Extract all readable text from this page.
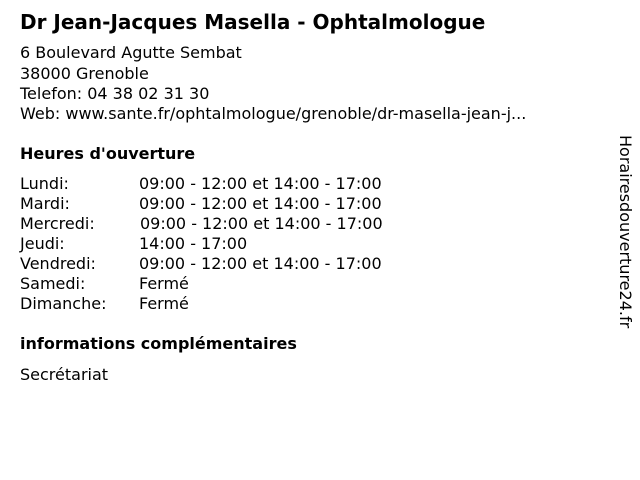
Dr Jean-Jacques Masella - Ophtalmologue
6 Boulevard Agutte Sembat
38000 Grenoble
Telefon: 04 38 02 31 30
Web: www.sante.fr/ophtalmologue/grenoble/dr-masella-jean-j...
Heures d'ouverture
Lundi:	09:00 - 12:00 et 14:00 - 17:00
Mardi:	09:00 - 12:00 et 14:00 - 17:00
Mercredi:	09:00 - 12:00 et 14:00 - 17:00
Jeudi:	14:00 - 17:00
Vendredi:	09:00 - 12:00 et 14:00 - 17:00
Samedi:	Fermé
Dimanche: Fermé
informations complémentaires
Secrétariat
Horairesdouverture24.fr
